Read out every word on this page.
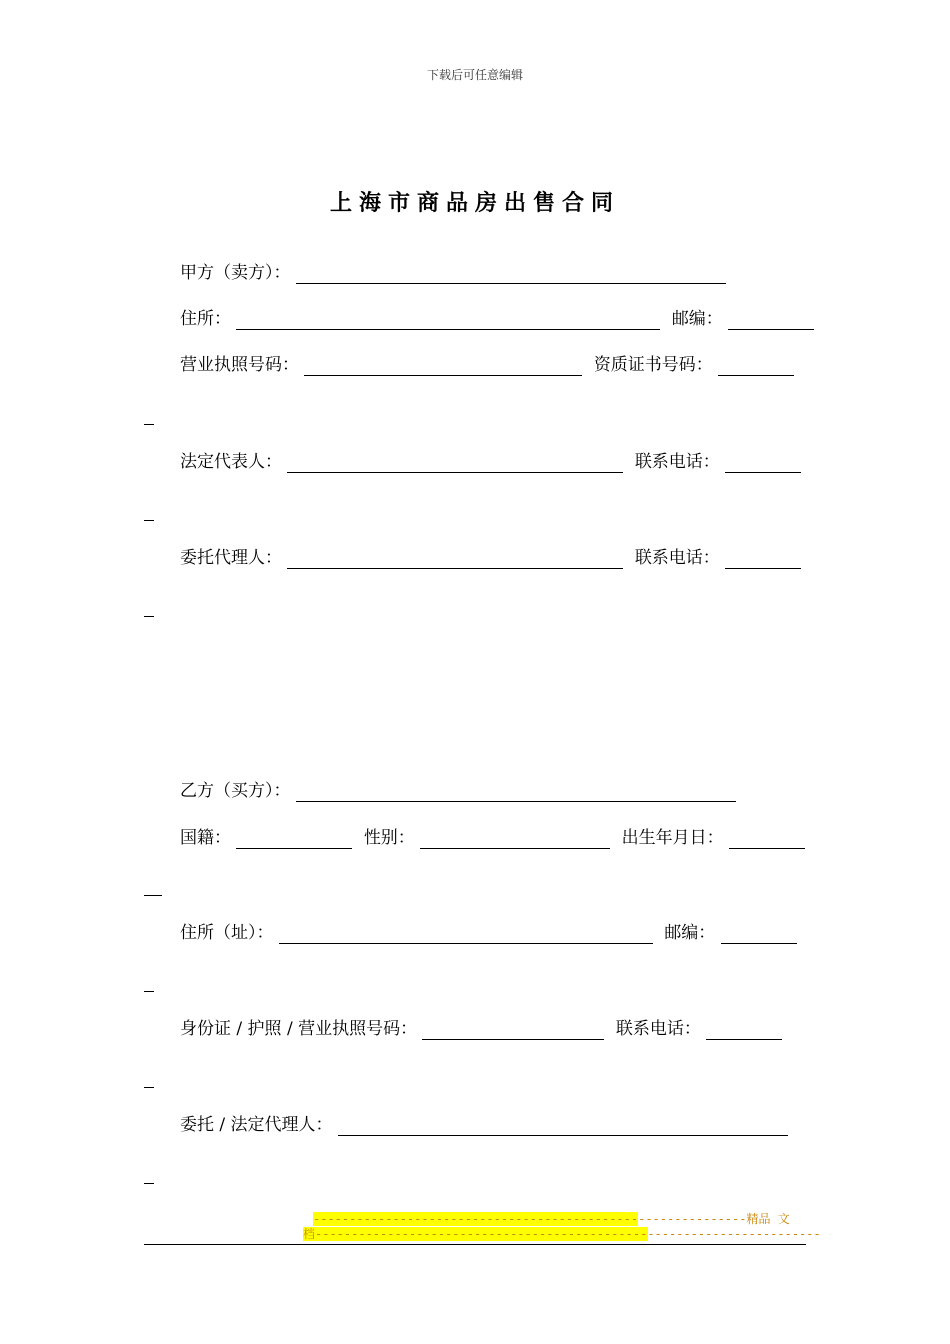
下载后可任意编辑
上海市商品房出售合同
甲方（卖方）：
住所：	邮编：
营业执照号码：	资质证书号码：
法定代表人：	联系电话：
委托代理人：	联系电话：
乙方（买方）：
国籍：	性别：	出生年月日：
住所（址）：	邮编：
身份证 / 护照 / 营业执照号码：	联系电话：
委托 / 法定代理人：
------------------------------------------------------------精品 文
档----------------------------------------------------------------------
